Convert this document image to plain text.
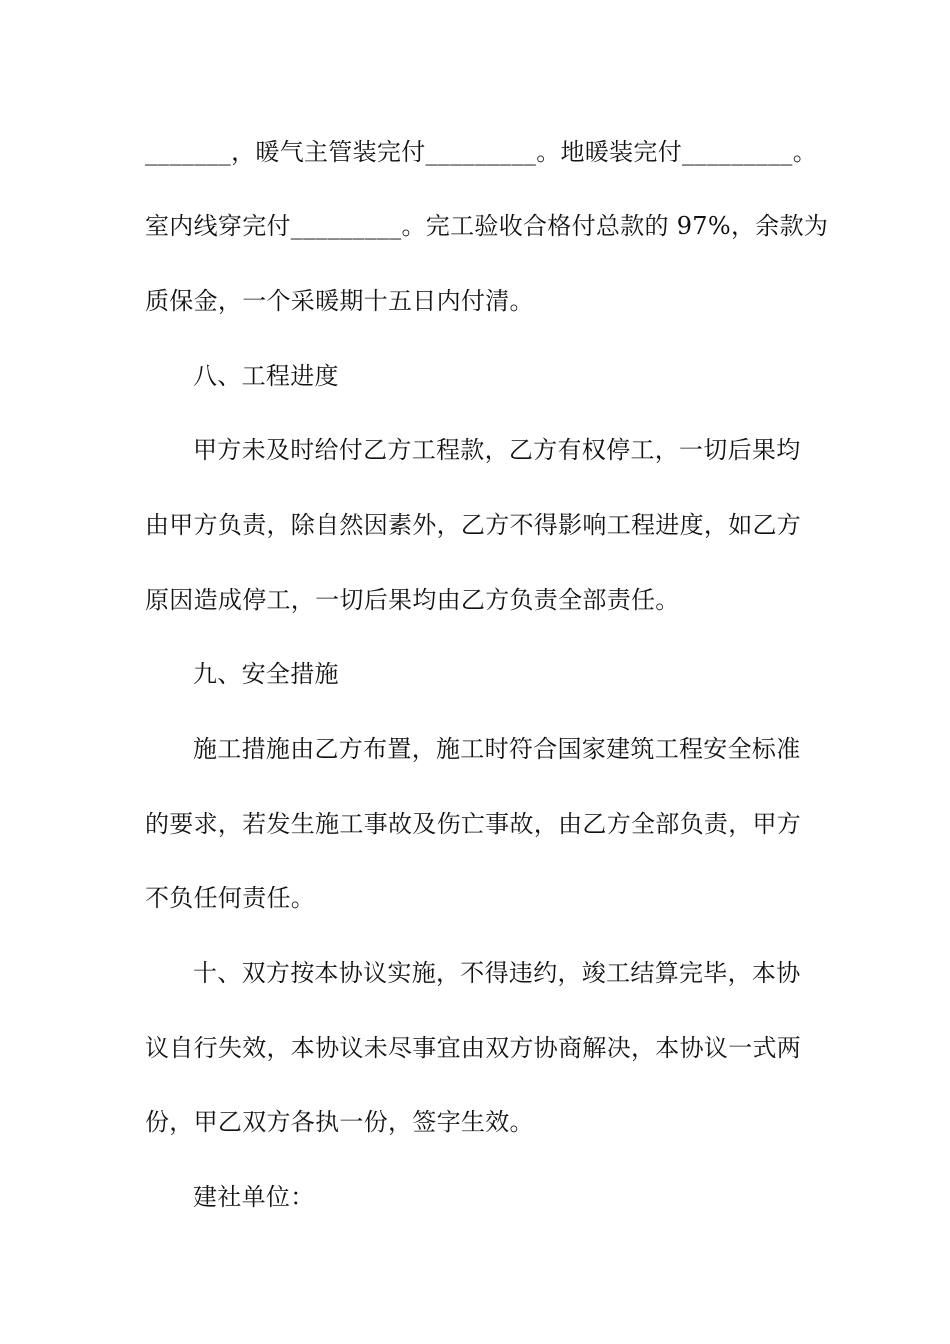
_______，暖气主管装完付_________。地暖装完付_________。
室内线穿完付_________。完工验收合格付总款的 97%，余款为
质保金，一个采暖期十五日内付清。
八、工程进度
甲方未及时给付乙方工程款，乙方有权停工，一切后果均
由甲方负责，除自然因素外，乙方不得影响工程进度，如乙方
原因造成停工，一切后果均由乙方负责全部责任。
九、安全措施
施工措施由乙方布置，施工时符合国家建筑工程安全标准
的要求，若发生施工事故及伤亡事故，由乙方全部负责，甲方
不负任何责任。
十、双方按本协议实施，不得违约，竣工结算完毕，本协
议自行失效，本协议未尽事宜由双方协商解决，本协议一式两
份，甲乙双方各执一份，签字生效。
建社单位：
